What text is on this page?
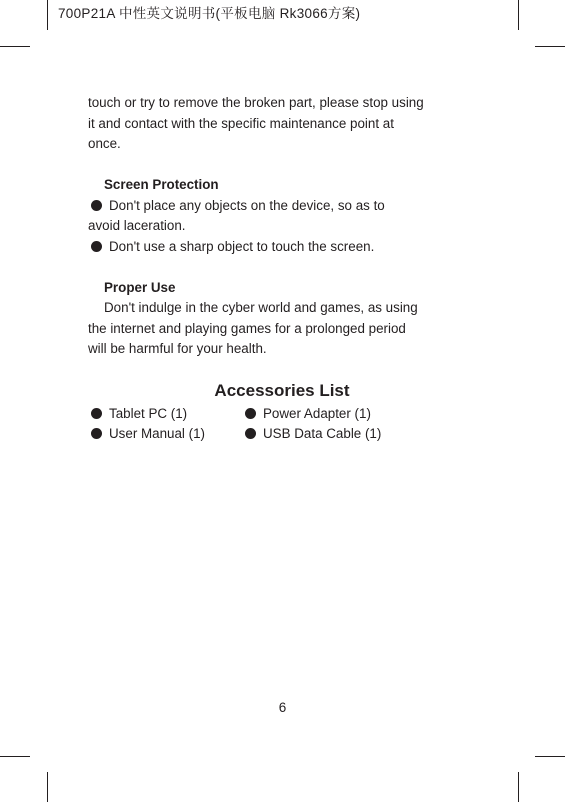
700P21A 中性英文说明书(平板电脑 Rk3066方案)

touch or try to remove the broken part, please stop using

it and contact with the specific maintenance point at

once.

Screen Protection

Don't place any objects on the device, so as to

avoid laceration.

Don't use a sharp object to touch the screen.

Proper Use

Don't indulge in the cyber world and games, as using

the internet and playing games for a prolonged period

will be harmful for your health.

Accessories List
Tablet PC (1)	Power Adapter (1)
User Manual (1)	USB Data Cable (1)
6
